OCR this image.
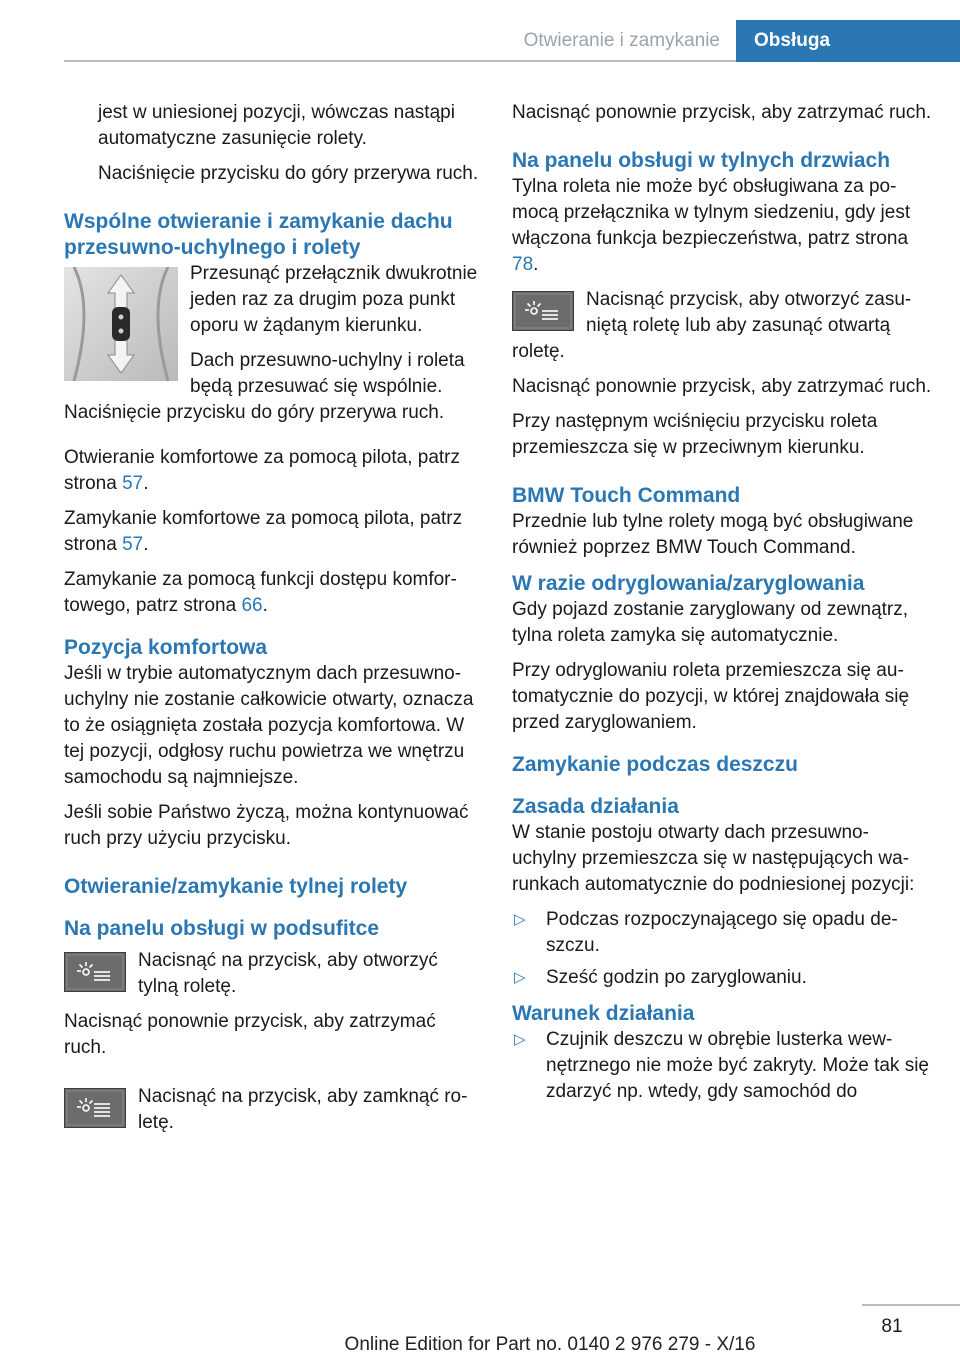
Otwieranie i zamykanie	Obsługa

jest w uniesionej pozycji, wówczas nastąpi automatyczne zasunięcie rolety.

Naciśnięcie przycisku do góry przerywa ruch.

Wspólne otwieranie i zamykanie dachu przesuwno-uchylnego i rolety

Przesunąć przełącznik dwukrotnie jeden raz za drugim poza punkt oporu w żądanym kierunku.

Dach przesuwno-uchylny i roleta będą przesuwać się wspólnie. Naciśnięcie przycisku do góry przerywa ruch.

Otwieranie komfortowe za pomocą pilota, patrz strona 57.

Zamykanie komfortowe za pomocą pilota, patrz strona 57.

Zamykanie za pomocą funkcji dostępu komfortowego, patrz strona 66.

Pozycja komfortowa

Jeśli w trybie automatycznym dach przesuwno-uchylny nie zostanie całkowicie otwarty, oznacza to że osiągnięta została pozycja komfortowa. W tej pozycji, odgłosy ruchu powietrza we wnętrzu samochodu są najmniejsze.

Jeśli sobie Państwo życzą, można kontynuować ruch przy użyciu przycisku.

Otwieranie/zamykanie tylnej rolety
Na panelu obsługi w podsufitce

Nacisnąć na przycisk, aby otworzyć tylną roletę.

Nacisnąć ponownie przycisk, aby zatrzymać ruch.

Nacisnąć na przycisk, aby zamknąć roletę.

Nacisnąć ponownie przycisk, aby zatrzymać ruch.

Na panelu obsługi w tylnych drzwiach

Tylna roleta nie może być obsługiwana za pomocą przełącznika w tylnym siedzeniu, gdy jest włączona funkcja bezpieczeństwa, patrz strona 78.

Nacisnąć przycisk, aby otworzyć zasuniętą roletę lub aby zasunąć otwartą roletę.

Nacisnąć ponownie przycisk, aby zatrzymać ruch.

Przy następnym wciśnięciu przycisku roleta przemieszcza się w przeciwnym kierunku.

BMW Touch Command

Przednie lub tylne rolety mogą być obsługiwane również poprzez BMW Touch Command.

W razie odryglowania/zaryglowania

Gdy pojazd zostanie zaryglowany od zewnątrz, tylna roleta zamyka się automatycznie.

Przy odryglowaniu roleta przemieszcza się automatycznie do pozycji, w której znajdowała się przed zaryglowaniem.

Zamykanie podczas deszczu
Zasada działania

W stanie postoju otwarty dach przesuwno-uchylny przemieszcza się w następujących warunkach automatycznie do podniesionej pozycji:

▷ Podczas rozpoczynającego się opadu deszczu.
▷ Sześć godzin po zaryglowaniu.
Warunek działania
▷ Czujnik deszczu w obrębie lusterka wewnętrznego nie może być zakryty. Może tak się zdarzyć np. wtedy, gdy samochód do
81
Online Edition for Part no. 0140 2 976 279 - X/16
